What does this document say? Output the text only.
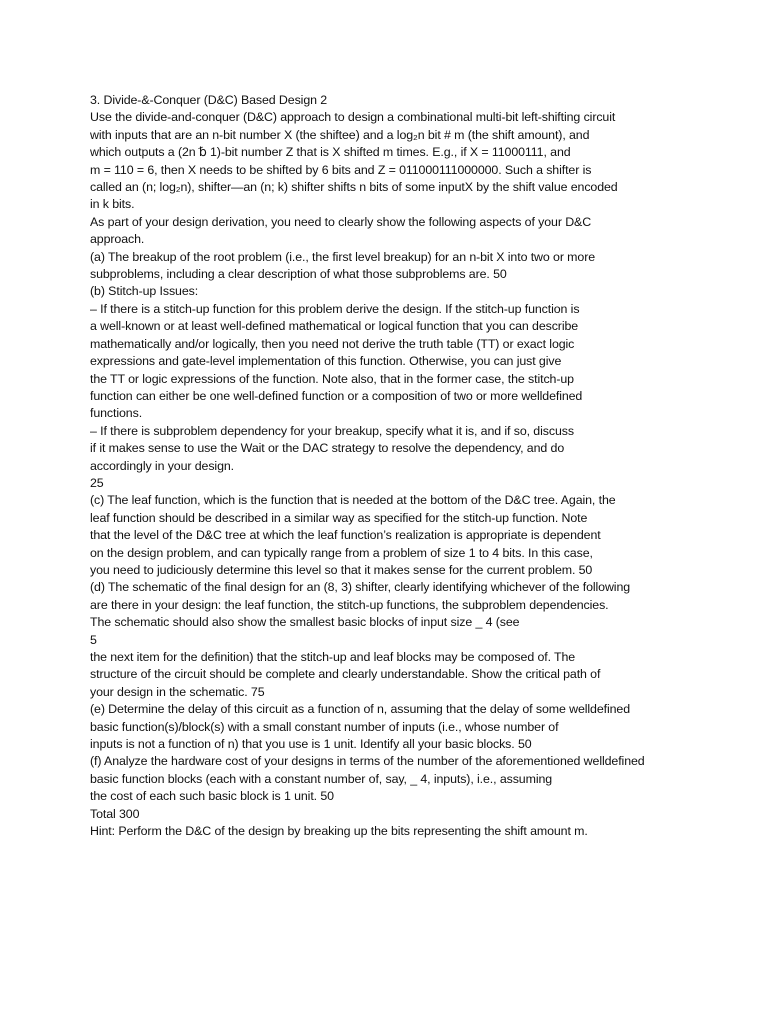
3. Divide-&-Conquer (D&C) Based Design 2
Use the divide-and-conquer (D&C) approach to design a combinational multi-bit left-shifting circuit
with inputs that are an n-bit number X (the shiftee) and a log₂n bit # m (the shift amount), and
which outputs a (2n ␢ 1)-bit number Z that is X shifted m times. E.g., if X = 11000111, and
m = 110 = 6, then X needs to be shifted by 6 bits and Z = 011000111000000. Such a shifter is
called an (n; log₂n), shifter—an (n; k) shifter shifts n bits of some inputX by the shift value encoded
in k bits.
As part of your design derivation, you need to clearly show the following aspects of your D&C
approach.
(a) The breakup of the root problem (i.e., the first level breakup) for an n-bit X into two or more
subproblems, including a clear description of what those subproblems are. 50
(b) Stitch-up Issues:
– If there is a stitch-up function for this problem derive the design. If the stitch-up function is
a well-known or at least well-defined mathematical or logical function that you can describe
mathematically and/or logically, then you need not derive the truth table (TT) or exact logic
expressions and gate-level implementation of this function. Otherwise, you can just give
the TT or logic expressions of the function. Note also, that in the former case, the stitch-up
function can either be one well-defined function or a composition of two or more welldefined
functions.
– If there is subproblem dependency for your breakup, specify what it is, and if so, discuss
if it makes sense to use the Wait or the DAC strategy to resolve the dependency, and do
accordingly in your design.
25
(c) The leaf function, which is the function that is needed at the bottom of the D&C tree. Again, the
leaf function should be described in a similar way as specified for the stitch-up function. Note
that the level of the D&C tree at which the leaf function’s realization is appropriate is dependent
on the design problem, and can typically range from a problem of size 1 to 4 bits. In this case,
you need to judiciously determine this level so that it makes sense for the current problem. 50
(d) The schematic of the final design for an (8, 3) shifter, clearly identifying whichever of the following
are there in your design: the leaf function, the stitch-up functions, the subproblem dependencies.
The schematic should also show the smallest basic blocks of input size _ 4 (see
5
the next item for the definition) that the stitch-up and leaf blocks may be composed of. The
structure of the circuit should be complete and clearly understandable. Show the critical path of
your design in the schematic. 75
(e) Determine the delay of this circuit as a function of n, assuming that the delay of some welldefined
basic function(s)/block(s) with a small constant number of inputs (i.e., whose number of
inputs is not a function of n) that you use is 1 unit. Identify all your basic blocks. 50
(f) Analyze the hardware cost of your designs in terms of the number of the aforementioned welldefined
basic function blocks (each with a constant number of, say, _ 4, inputs), i.e., assuming
the cost of each such basic block is 1 unit. 50
Total 300
Hint: Perform the D&C of the design by breaking up the bits representing the shift amount m.
